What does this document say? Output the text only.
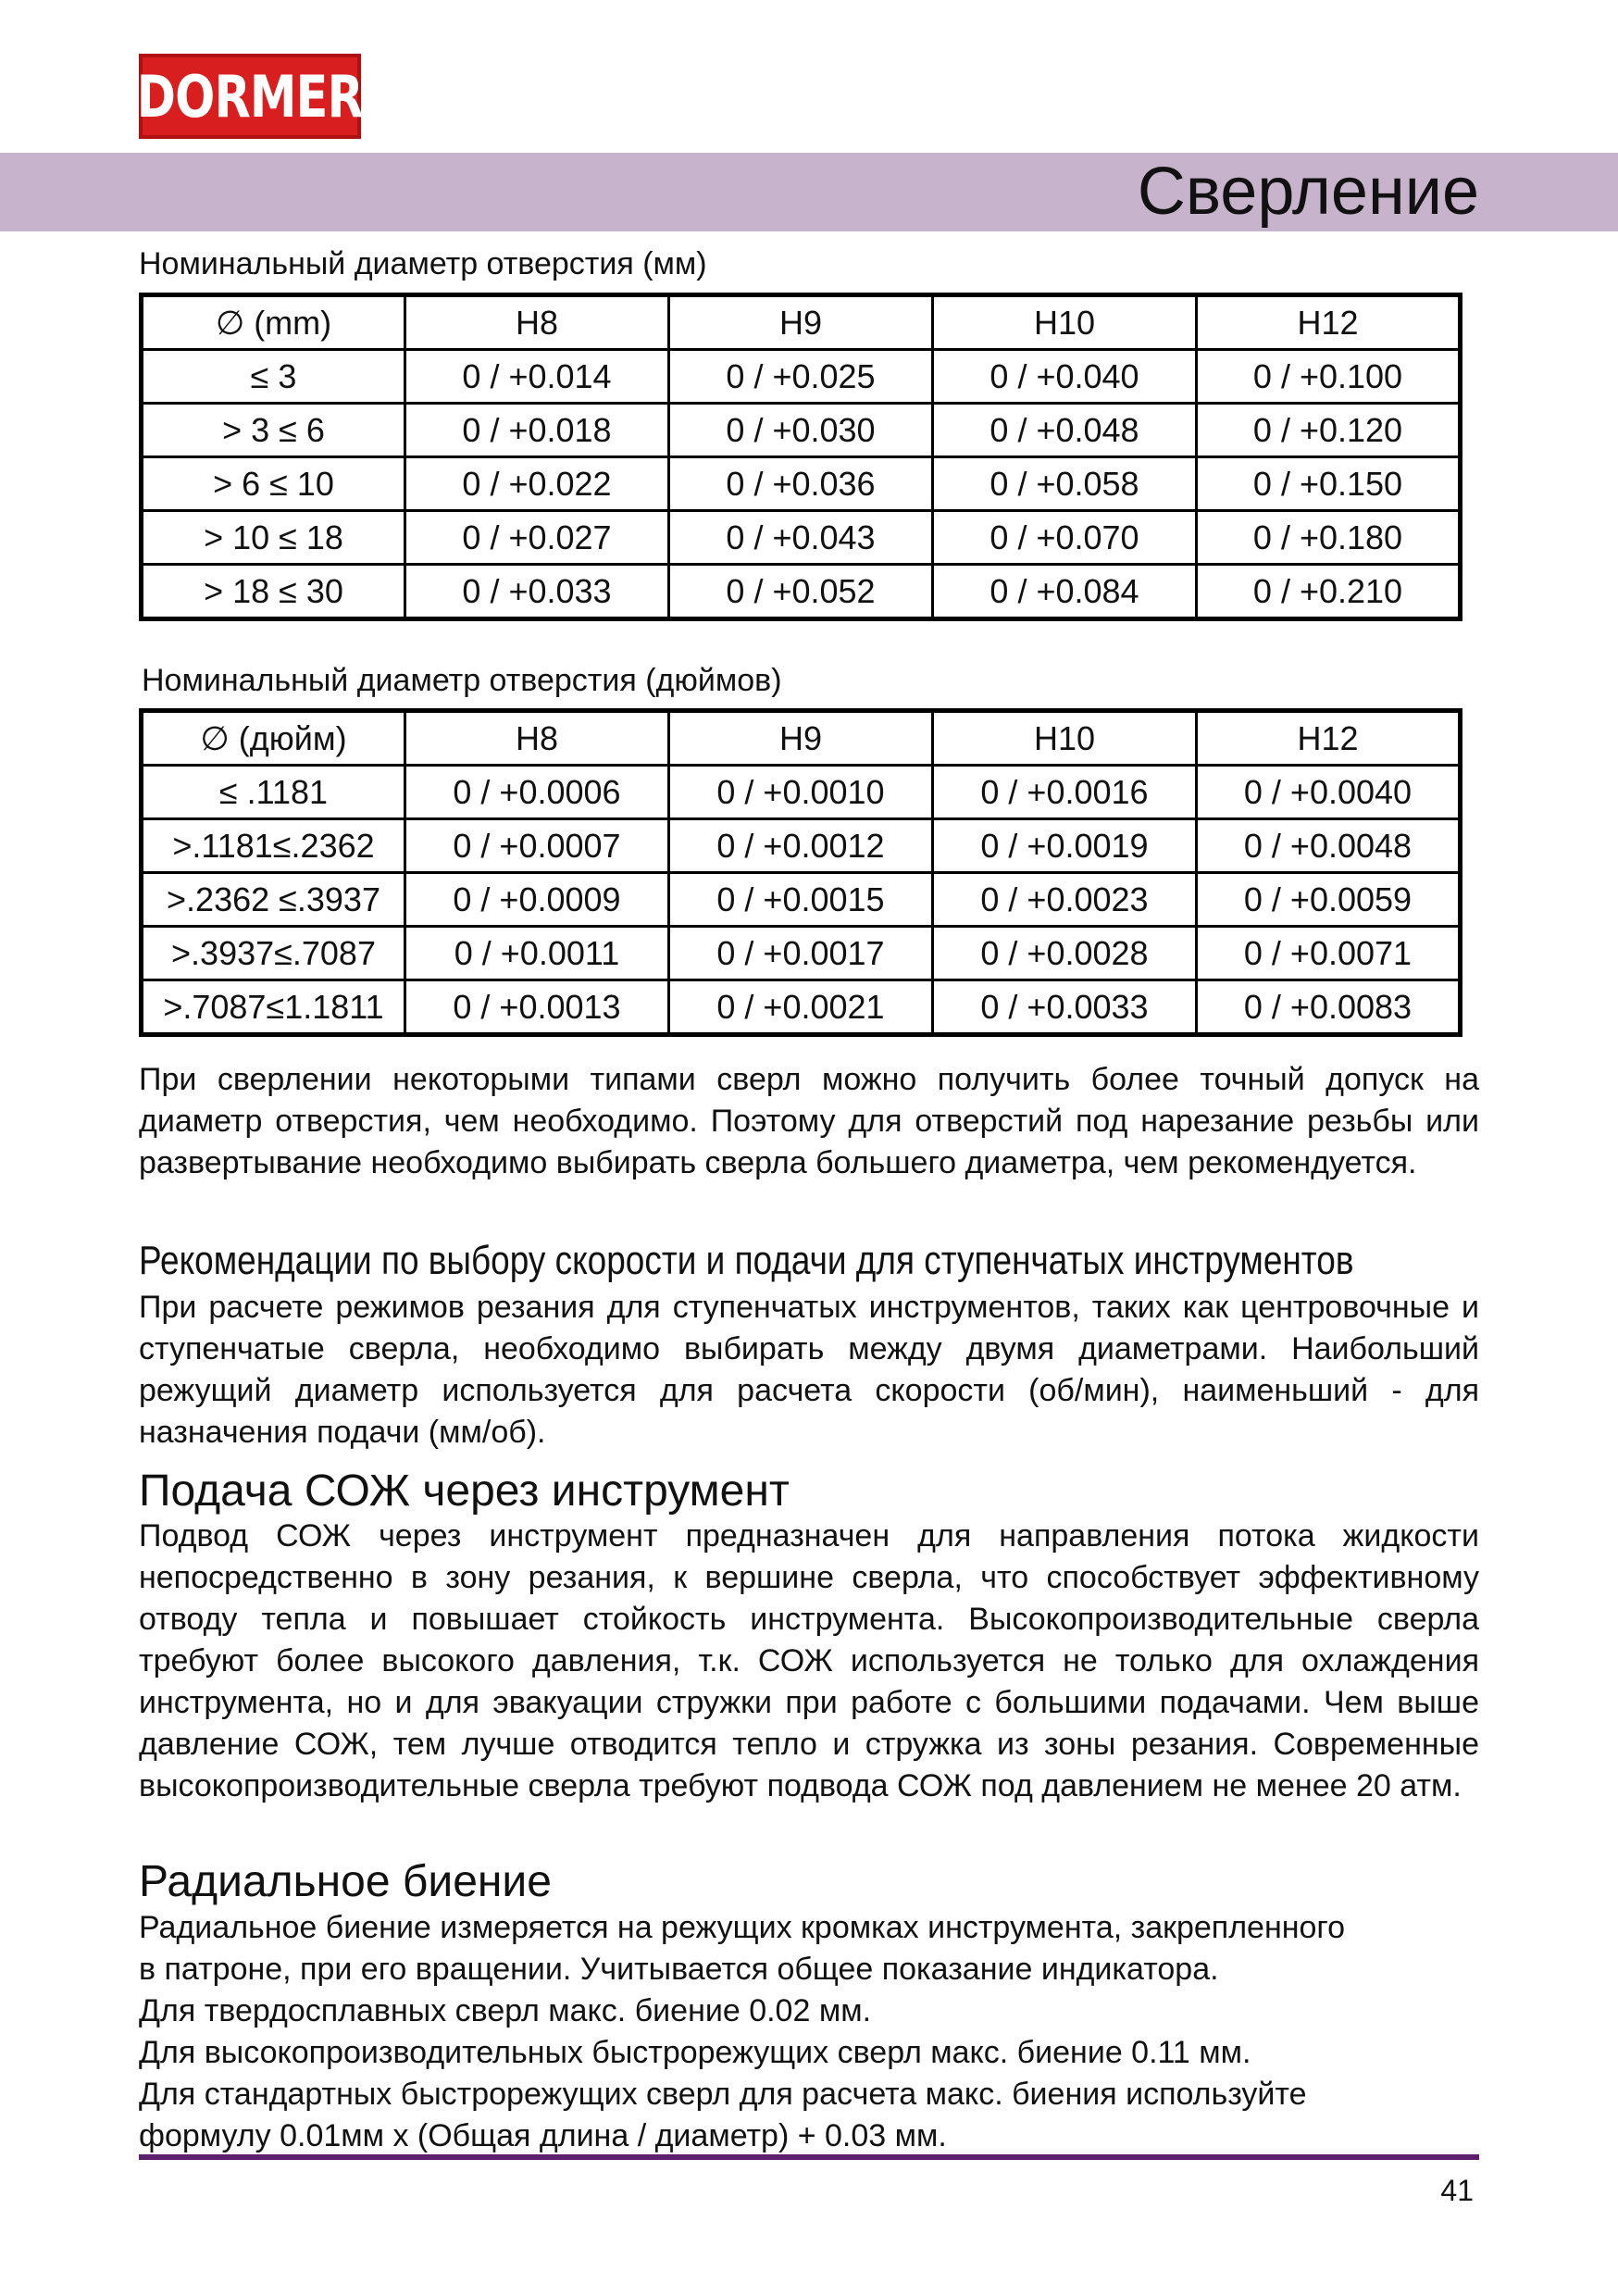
DORMER
Сверление

Номинальный диаметр отверстия (мм)

∅ (mm)	H8	H9	H10	H12
≤ 3	0 / +0.014	0 / +0.025	0 / +0.040	0 / +0.100
> 3 ≤ 6	0 / +0.018	0 / +0.030	0 / +0.048	0 / +0.120
> 6 ≤ 10	0 / +0.022	0 / +0.036	0 / +0.058	0 / +0.150
> 10 ≤ 18	0 / +0.027	0 / +0.043	0 / +0.070	0 / +0.180
> 18 ≤ 30	0 / +0.033	0 / +0.052	0 / +0.084	0 / +0.210

Номинальный диаметр отверстия (дюймов)

∅ (дюйм)	H8	H9	H10	H12
≤ .1181	0 / +0.0006	0 / +0.0010	0 / +0.0016	0 / +0.0040
>.1181≤.2362	0 / +0.0007	0 / +0.0012	0 / +0.0019	0 / +0.0048
>.2362 ≤.3937	0 / +0.0009	0 / +0.0015	0 / +0.0023	0 / +0.0059
>.3937≤.7087	0 / +0.0011	0 / +0.0017	0 / +0.0028	0 / +0.0071
>.7087≤1.1811	0 / +0.0013	0 / +0.0021	0 / +0.0033	0 / +0.0083

При сверлении некоторыми типами сверл можно получить более точный допуск на диаметр отверстия, чем необходимо. Поэтому для отверстий под нарезание резьбы или развертывание необходимо выбирать сверла большего диаметра, чем рекомендуется.

Рекомендации по выбору скорости и подачи для ступенчатых инструментов

При расчете режимов резания для ступенчатых инструментов, таких как центровочные и ступенчатые сверла, необходимо выбирать между двумя диаметрами. Наибольший режущий диаметр используется для расчета скорости (об/мин), наименьший - для назначения подачи (мм/об).

Подача СОЖ через инструмент

Подвод СОЖ через инструмент предназначен для направления потока жидкости непосредственно в зону резания, к вершине сверла, что способствует эффективному отводу тепла и повышает стойкость инструмента. Высокопроизводительные сверла требуют более высокого давления, т.к. СОЖ используется не только для охлаждения инструмента, но и для эвакуации стружки при работе с большими подачами. Чем выше давление СОЖ, тем лучше отводится тепло и стружка из зоны резания. Современные высокопроизводительные сверла требуют подвода СОЖ под давлением не менее 20 атм.

Радиальное биение
Радиальное биение измеряется на режущих кромках инструмента, закрепленного
в патроне, при его вращении. Учитывается общее показание индикатора.
Для твердосплавных сверл макс. биение 0.02 мм.
Для высокопроизводительных быстрорежущих сверл макс. биение 0.11 мм.
Для стандартных быстрорежущих сверл для расчета макс. биения используйте
формулу 0.01мм x (Общая длина / диаметр) + 0.03 мм.

41
